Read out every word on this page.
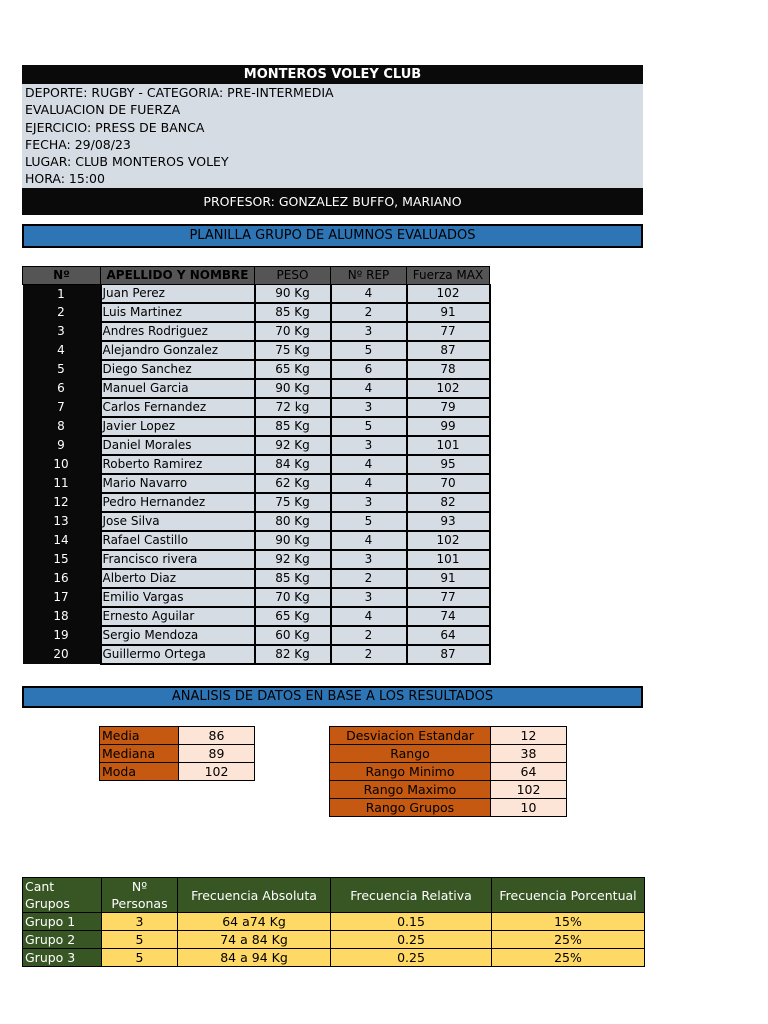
MONTEROS VOLEY CLUB
DEPORTE: RUGBY - CATEGORIA: PRE-INTERMEDIA
EVALUACION DE FUERZA
EJERCICIO: PRESS DE BANCA
FECHA: 29/08/23
LUGAR: CLUB MONTEROS VOLEY
HORA: 15:00
PROFESOR: GONZALEZ BUFFO, MARIANO
PLANILLA GRUPO DE ALUMNOS EVALUADOS
Nº	APELLIDO Y NOMBRE	PESO	Nº REP	Fuerza MAX
1	Juan Perez	90 Kg	4	102
2	Luis Martinez	85 Kg	2	91
3	Andres Rodriguez	70 Kg	3	77
4	Alejandro Gonzalez	75 Kg	5	87
5	Diego Sanchez	65 Kg	6	78
6	Manuel Garcia	90 Kg	4	102
7	Carlos Fernandez	72 kg	3	79
8	Javier Lopez	85 Kg	5	99
9	Daniel Morales	92 Kg	3	101
10	Roberto Ramirez	84 Kg	4	95
11	Mario Navarro	62 Kg	4	70
12	Pedro Hernandez	75 Kg	3	82
13	Jose Silva	80 Kg	5	93
14	Rafael Castillo	90 Kg	4	102
15	Francisco rivera	92 Kg	3	101
16	Alberto Diaz	85 Kg	2	91
17	Emilio Vargas	70 Kg	3	77
18	Ernesto Aguilar	65 Kg	4	74
19	Sergio Mendoza	60 Kg	2	64
20	Guillermo Ortega	82 Kg	2	87
ANALISIS DE DATOS EN BASE A LOS RESULTADOS
Media	86
Mediana	89
Moda	102
Desviacion Estandar	12
Rango	38
Rango Minimo	64
Rango Maximo	102
Rango Grupos	10
Cant Grupos	Nº Personas	Frecuencia Absoluta	Frecuencia Relativa	Frecuencia Porcentual
Grupo 1	3	64 a74 Kg	0.15	15%
Grupo 2	5	74 a 84 Kg	0.25	25%
Grupo 3	5	84 a 94 Kg	0.25	25%
